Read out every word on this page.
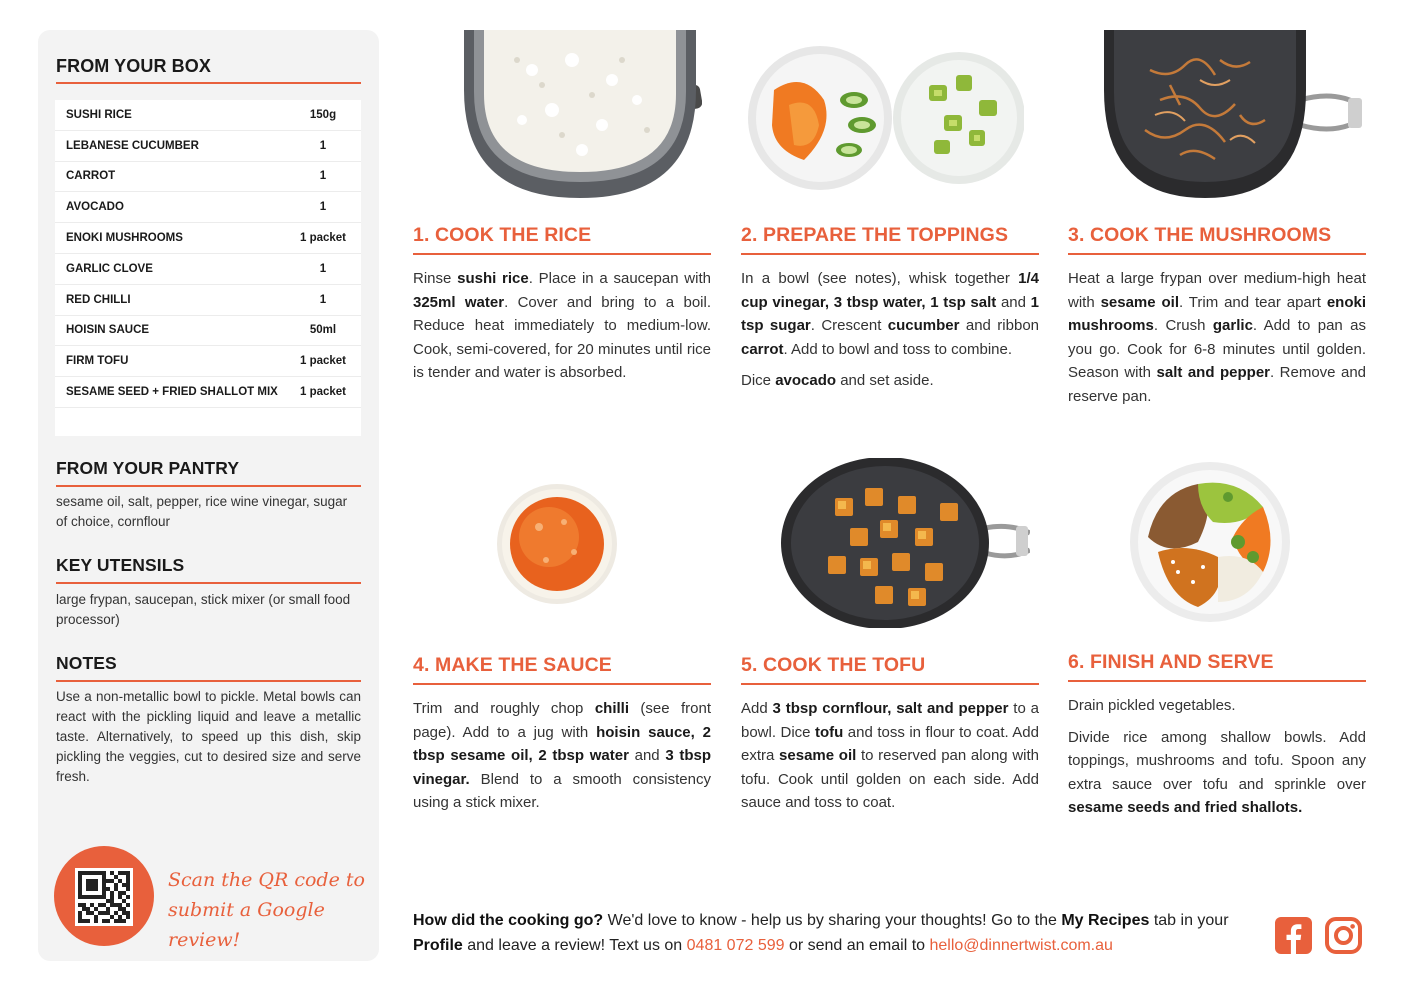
FROM YOUR BOX
SUSHI RICE	150g
LEBANESE CUCUMBER	1
CARROT	1
AVOCADO	1
ENOKI MUSHROOMS	1 packet
GARLIC CLOVE	1
RED CHILLI	1
HOISIN SAUCE	50ml
FIRM TOFU	1 packet
SESAME SEED + FRIED SHALLOT MIX 1 packet
FROM YOUR PANTRY
sesame oil, salt, pepper, rice wine vinegar, sugar of choice, cornflour
KEY UTENSILS
large frypan, saucepan, stick mixer (or small food processor)
NOTES
Use a non-metallic bowl to pickle. Metal bowls can react with the pickling liquid and leave a metallic taste. Alternatively, to speed up this dish, skip pickling the veggies, cut to desired size and serve fresh.
Scan the QR code to
submit a Google review!
1. COOK THE RICE	2. PREPARE THE TOPPINGS	3. COOK THE MUSHROOMS
4. MAKE THE SAUCE	5. COOK THE TOFU	6. FINISH AND SERVE

Rinse sushi rice. Place in a saucepan with 325ml water. Cover and bring to a boil. Reduce heat immediately to medium-low. Cook, semi-covered, for 20 minutes until rice is tender and water is absorbed.

In a bowl (see notes), whisk together 1/4 cup vinegar, 3 tbsp water, 1 tsp salt and 1 tsp sugar. Crescent cucumber and ribbon carrot. Add to bowl and toss to combine.

Dice avocado and set aside.

Heat a large frypan over medium-high heat with sesame oil. Trim and tear apart enoki mushrooms. Crush garlic. Add to pan as you go. Cook for 6-8 minutes until golden. Season with salt and pepper. Remove and reserve pan.

Trim and roughly chop chilli (see front page). Add to a jug with hoisin sauce, 2 tbsp sesame oil, 2 tbsp water and 3 tbsp vinegar. Blend to a smooth consistency using a stick mixer.

Add 3 tbsp cornflour, salt and pepper to a bowl. Dice tofu and toss in flour to coat. Add extra sesame oil to reserved pan along with tofu. Cook until golden on each side. Add sauce and toss to coat.

Drain pickled vegetables.

Divide rice among shallow bowls. Add toppings, mushrooms and tofu. Spoon any extra sauce over tofu and sprinkle over sesame seeds and fried shallots.

How did the cooking go? We'd love to know - help us by sharing your thoughts! Go to the My Recipes tab in your Profile and leave a review! Text us on 0481 072 599 or send an email to hello@dinnertwist.com.au
